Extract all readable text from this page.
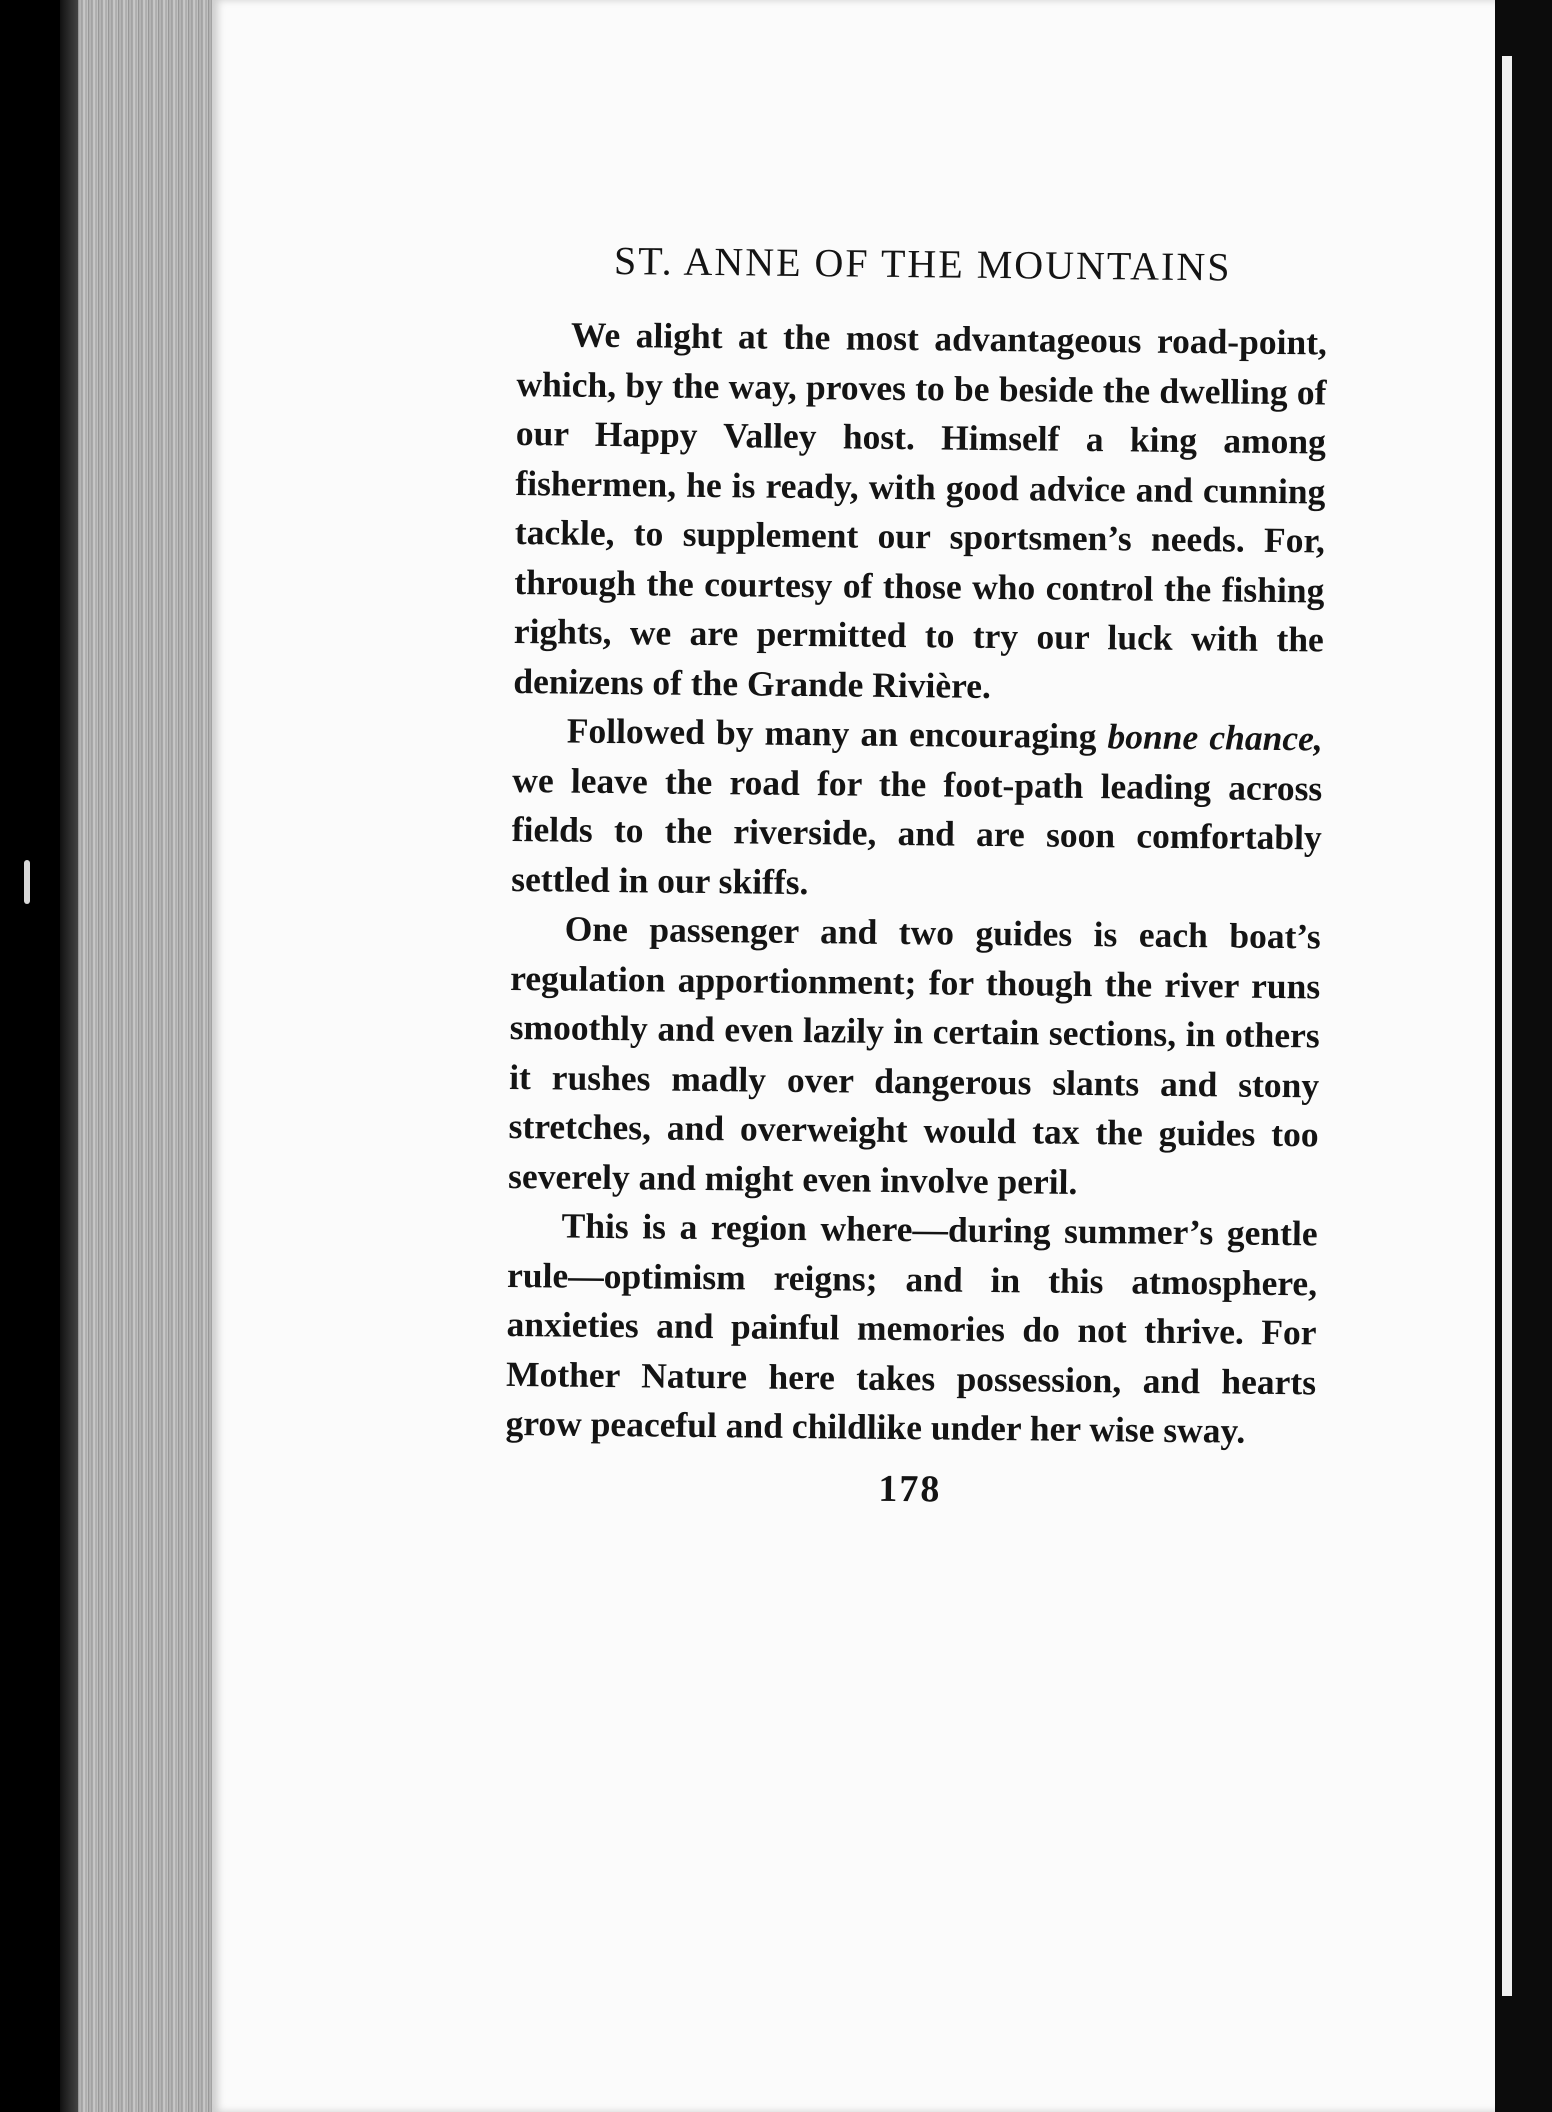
ST. ANNE OF THE MOUNTAINS

We alight at the most advantageous road-point, which, by the way, proves to be beside the dwelling of our Happy Valley host. Himself a king among fishermen, he is ready, with good advice and cunning tackle, to supplement our sportsmen’s needs. For, through the courtesy of those who control the fishing rights, we are permitted to try our luck with the denizens of the Grande Rivière.

Followed by many an encouraging bonne chance, we leave the road for the foot-path leading across fields to the riverside, and are soon comfortably settled in our skiffs.

One passenger and two guides is each boat’s regulation apportionment; for though the river runs smoothly and even lazily in certain sections, in others it rushes madly over dangerous slants and stony stretches, and overweight would tax the guides too severely and might even involve peril.

This is a region where—during summer’s gentle rule—optimism reigns; and in this atmosphere, anxieties and painful memories do not thrive. For Mother Nature here takes possession, and hearts grow peaceful and childlike under her wise sway.

178
